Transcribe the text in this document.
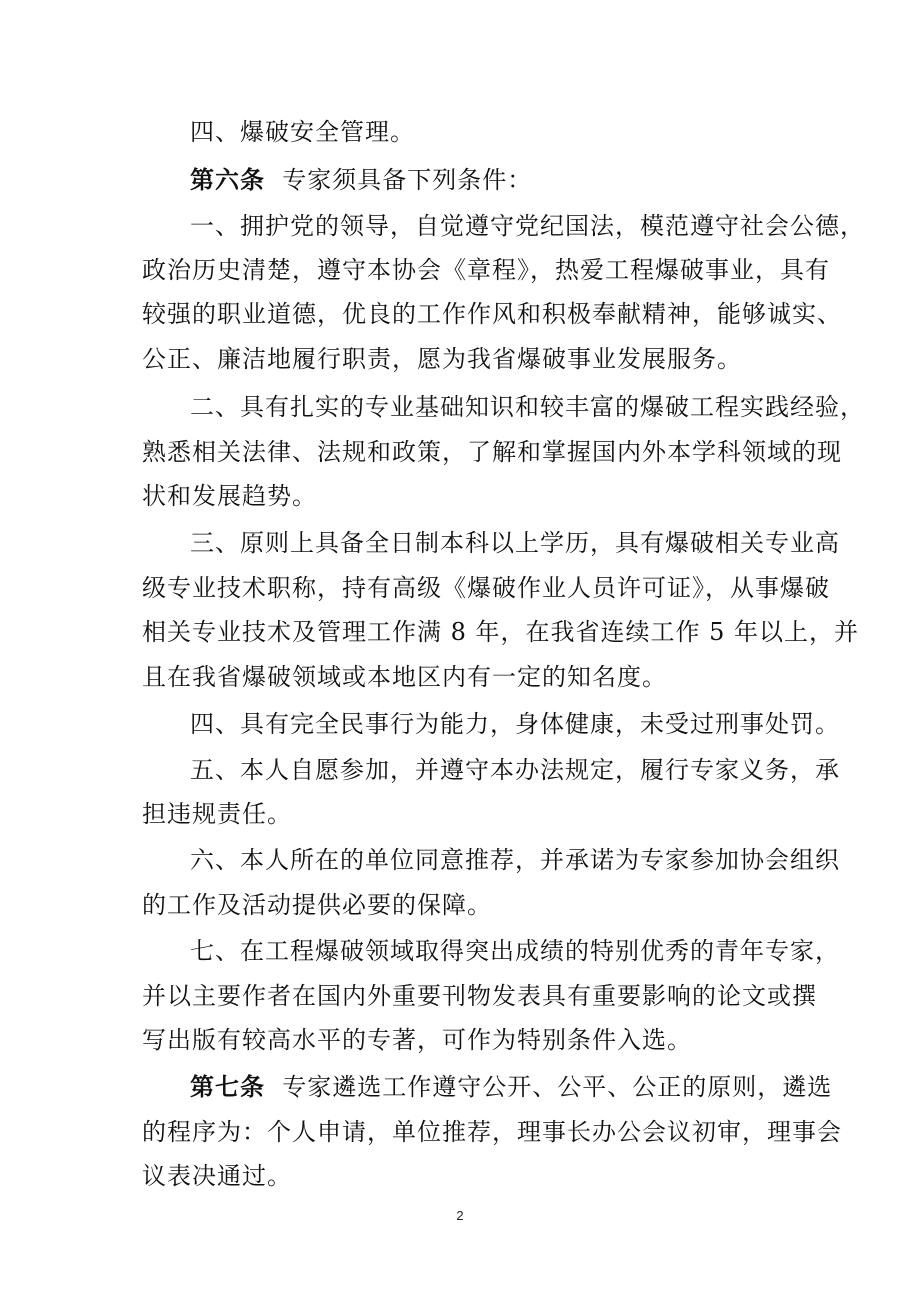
四、爆破安全管理。
第六条 专家须具备下列条件：
一、拥护党的领导，自觉遵守党纪国法，模范遵守社会公德，
政治历史清楚，遵守本协会《章程》，热爱工程爆破事业，具有
较强的职业道德，优良的工作作风和积极奉献精神，能够诚实、
公正、廉洁地履行职责，愿为我省爆破事业发展服务。
二、具有扎实的专业基础知识和较丰富的爆破工程实践经验，
熟悉相关法律、法规和政策，了解和掌握国内外本学科领域的现
状和发展趋势。
三、原则上具备全日制本科以上学历，具有爆破相关专业高
级专业技术职称，持有高级《爆破作业人员许可证》，从事爆破
相关专业技术及管理工作满 8 年，在我省连续工作 5 年以上，并
且在我省爆破领域或本地区内有一定的知名度。
四、具有完全民事行为能力，身体健康，未受过刑事处罚。
五、本人自愿参加，并遵守本办法规定，履行专家义务，承
担违规责任。
六、本人所在的单位同意推荐，并承诺为专家参加协会组织
的工作及活动提供必要的保障。
七、在工程爆破领域取得突出成绩的特别优秀的青年专家，
并以主要作者在国内外重要刊物发表具有重要影响的论文或撰
写出版有较高水平的专著，可作为特别条件入选。
第七条 专家遴选工作遵守公开、公平、公正的原则，遴选
的程序为：个人申请，单位推荐，理事长办公会议初审，理事会
议表决通过。
2
